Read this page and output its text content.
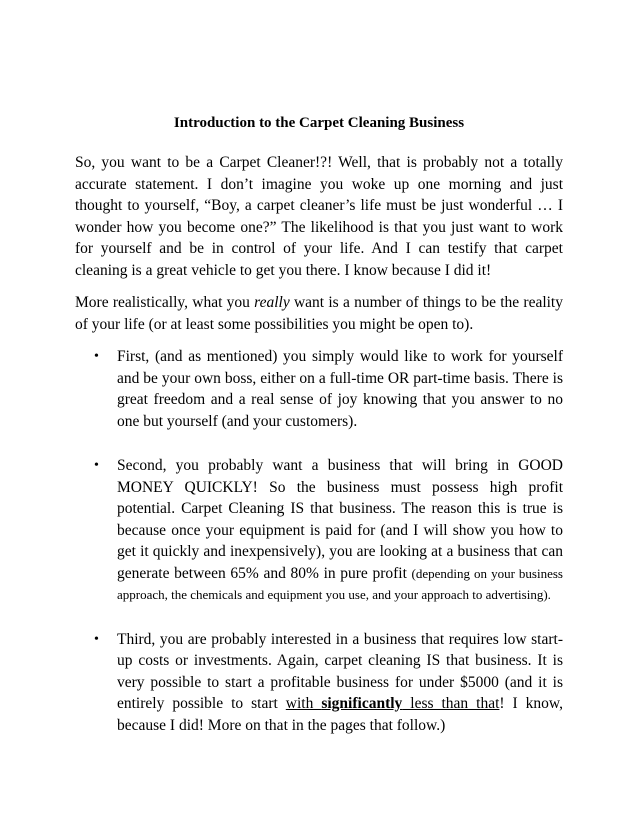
Introduction to the Carpet Cleaning Business

So, you want to be a Carpet Cleaner!?! Well, that is probably not a totally accurate statement. I don’t imagine you woke up one morning and just thought to yourself, “Boy, a carpet cleaner’s life must be just wonderful … I wonder how you become one?” The likelihood is that you just want to work for yourself and be in control of your life. And I can testify that carpet cleaning is a great vehicle to get you there. I know because I did it!

More realistically, what you really want is a number of things to be the reality of your life (or at least some possibilities you might be open to).

• First, (and as mentioned) you simply would like to work for yourself and be your own boss, either on a full-time OR part-time basis. There is great freedom and a real sense of joy knowing that you answer to no one but yourself (and your customers).
• Second, you probably want a business that will bring in GOOD MONEY QUICKLY! So the business must possess high profit potential. Carpet Cleaning IS that business. The reason this is true is because once your equipment is paid for (and I will show you how to get it quickly and inexpensively), you are looking at a business that can generate between 65% and 80% in pure profit (depending on your business approach, the chemicals and equipment you use, and your approach to advertising).
• Third, you are probably interested in a business that requires low start-up costs or investments. Again, carpet cleaning IS that business. It is very possible to start a profitable business for under $5000 (and it is entirely possible to start with significantly less than that! I know, because I did! More on that in the pages that follow.)
